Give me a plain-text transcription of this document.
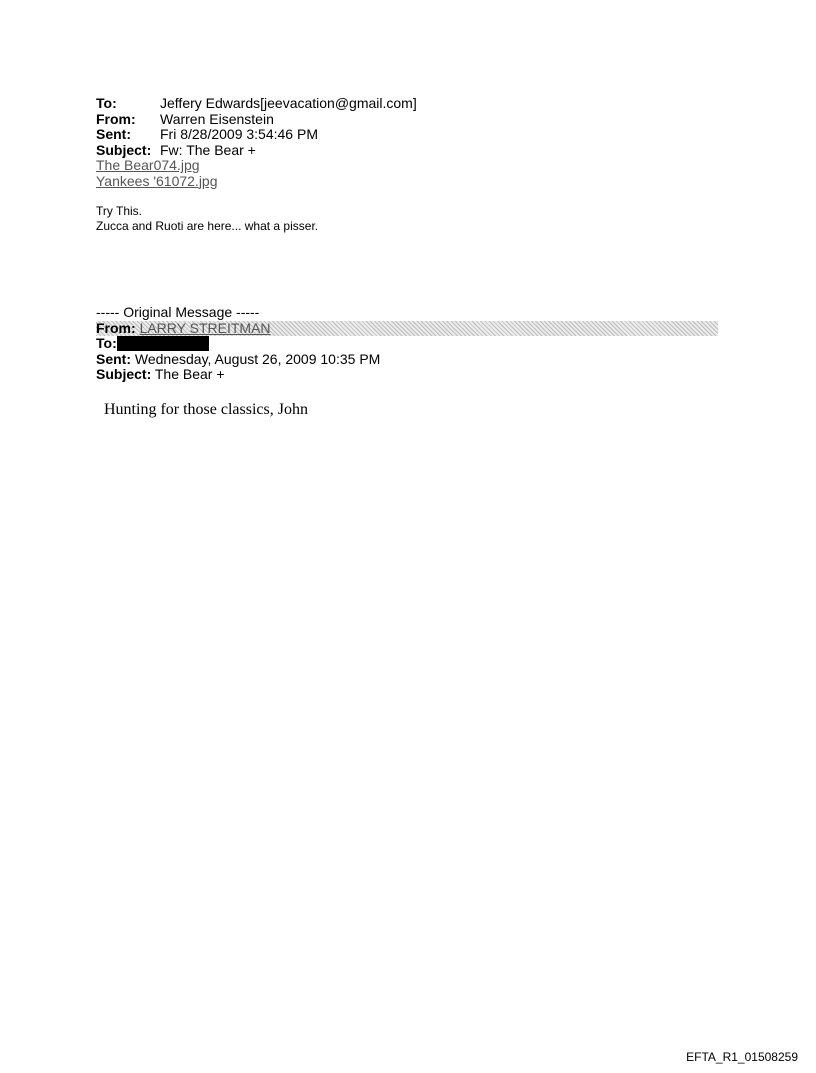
To:	Jeffery Edwards[jeevacation@gmail.com]
From: Warren Eisenstein
Sent: Fri 8/28/2009 3:54:46 PM
Subject: Fw: The Bear +
The Bear074.jpg
Yankees '61072.jpg
Try This.
Zucca and Ruoti are here... what a pisser.
----- Original Message -----
From: LARRY STREITMAN
To:
Sent: Wednesday, August 26, 2009 10:35 PM
Subject: The Bear +
Hunting for those classics, John
EFTA_R1_01508259
